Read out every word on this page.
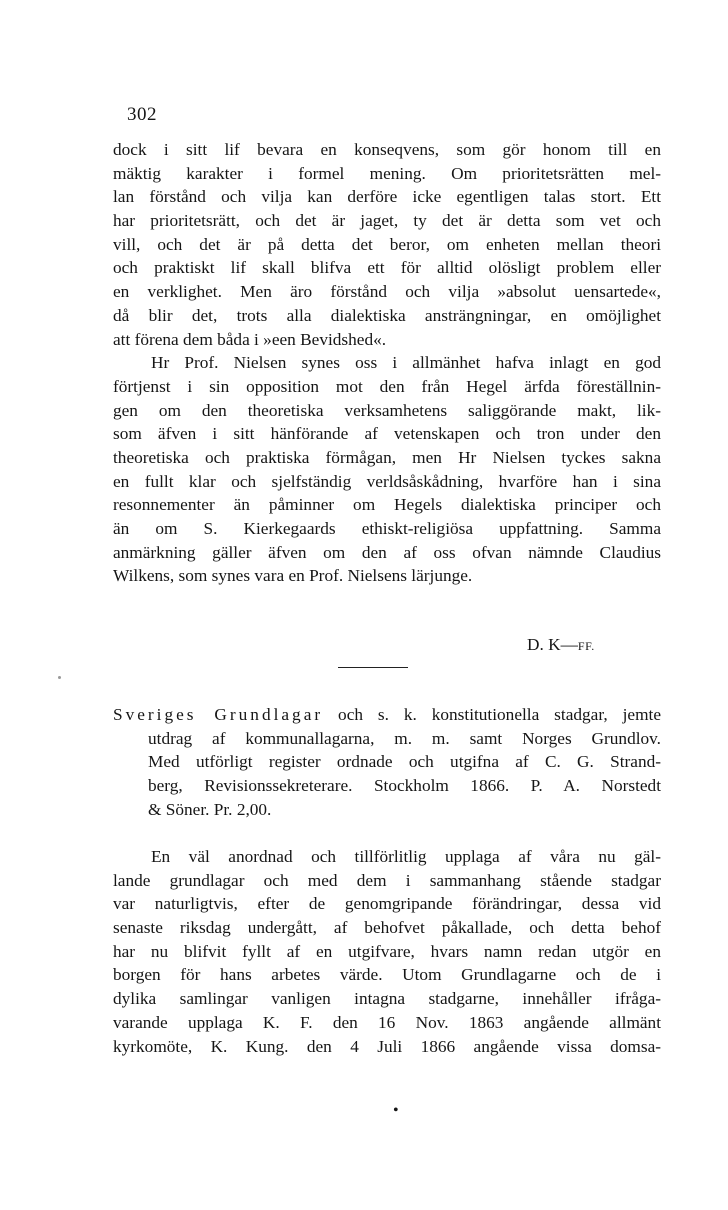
302
dock i sitt lif bevara en konseqvens, som gör honom till en
mäktig karakter i formel mening. Om prioritetsrätten mel-
lan förstånd och vilja kan derföre icke egentligen talas stort. Ett
har prioritetsrätt, och det är jaget, ty det är detta som vet och
vill, och det är på detta det beror, om enheten mellan theori
och praktiskt lif skall blifva ett för alltid olösligt problem eller
en verklighet. Men äro förstånd och vilja »absolut uensartede«,
då blir det, trots alla dialektiska ansträngningar, en omöjlighet
att förena dem båda i »een Bevidshed«.
Hr Prof. Nielsen synes oss i allmänhet hafva inlagt en god
förtjenst i sin opposition mot den från Hegel ärfda föreställnin-
gen om den theoretiska verksamhetens saliggörande makt, lik-
som äfven i sitt hänförande af vetenskapen och tron under den
theoretiska och praktiska förmågan, men Hr Nielsen tyckes sakna
en fullt klar och sjelfständig verldsåskådning, hvarföre han i sina
resonnementer än påminner om Hegels dialektiska principer och
än om S. Kierkegaards ethiskt-religiösa uppfattning. Samma
anmärkning gäller äfven om den af oss ofvan nämnde Claudius
Wilkens, som synes vara en Prof. Nielsens lärjunge.
D. K—FF.
Sveriges Grundlagar och s. k. konstitutionella stadgar, jemte
utdrag af kommunallagarna, m. m. samt Norges Grundlov.
Med utförligt register ordnade och utgifna af C. G. Strand-
berg, Revisionssekreterare. Stockholm 1866. P. A. Norstedt
& Söner. Pr. 2,00.
En väl anordnad och tillförlitlig upplaga af våra nu gäl-
lande grundlagar och med dem i sammanhang stående stadgar
var naturligtvis, efter de genomgripande förändringar, dessa vid
senaste riksdag undergått, af behofvet påkallade, och detta behof
har nu blifvit fyllt af en utgifvare, hvars namn redan utgör en
borgen för hans arbetes värde. Utom Grundlagarne och de i
dylika samlingar vanligen intagna stadgarne, innehåller ifråga-
varande upplaga K. F. den 16 Nov. 1863 angående allmänt
kyrkomöte, K. Kung. den 4 Juli 1866 angående vissa domsa-
•
